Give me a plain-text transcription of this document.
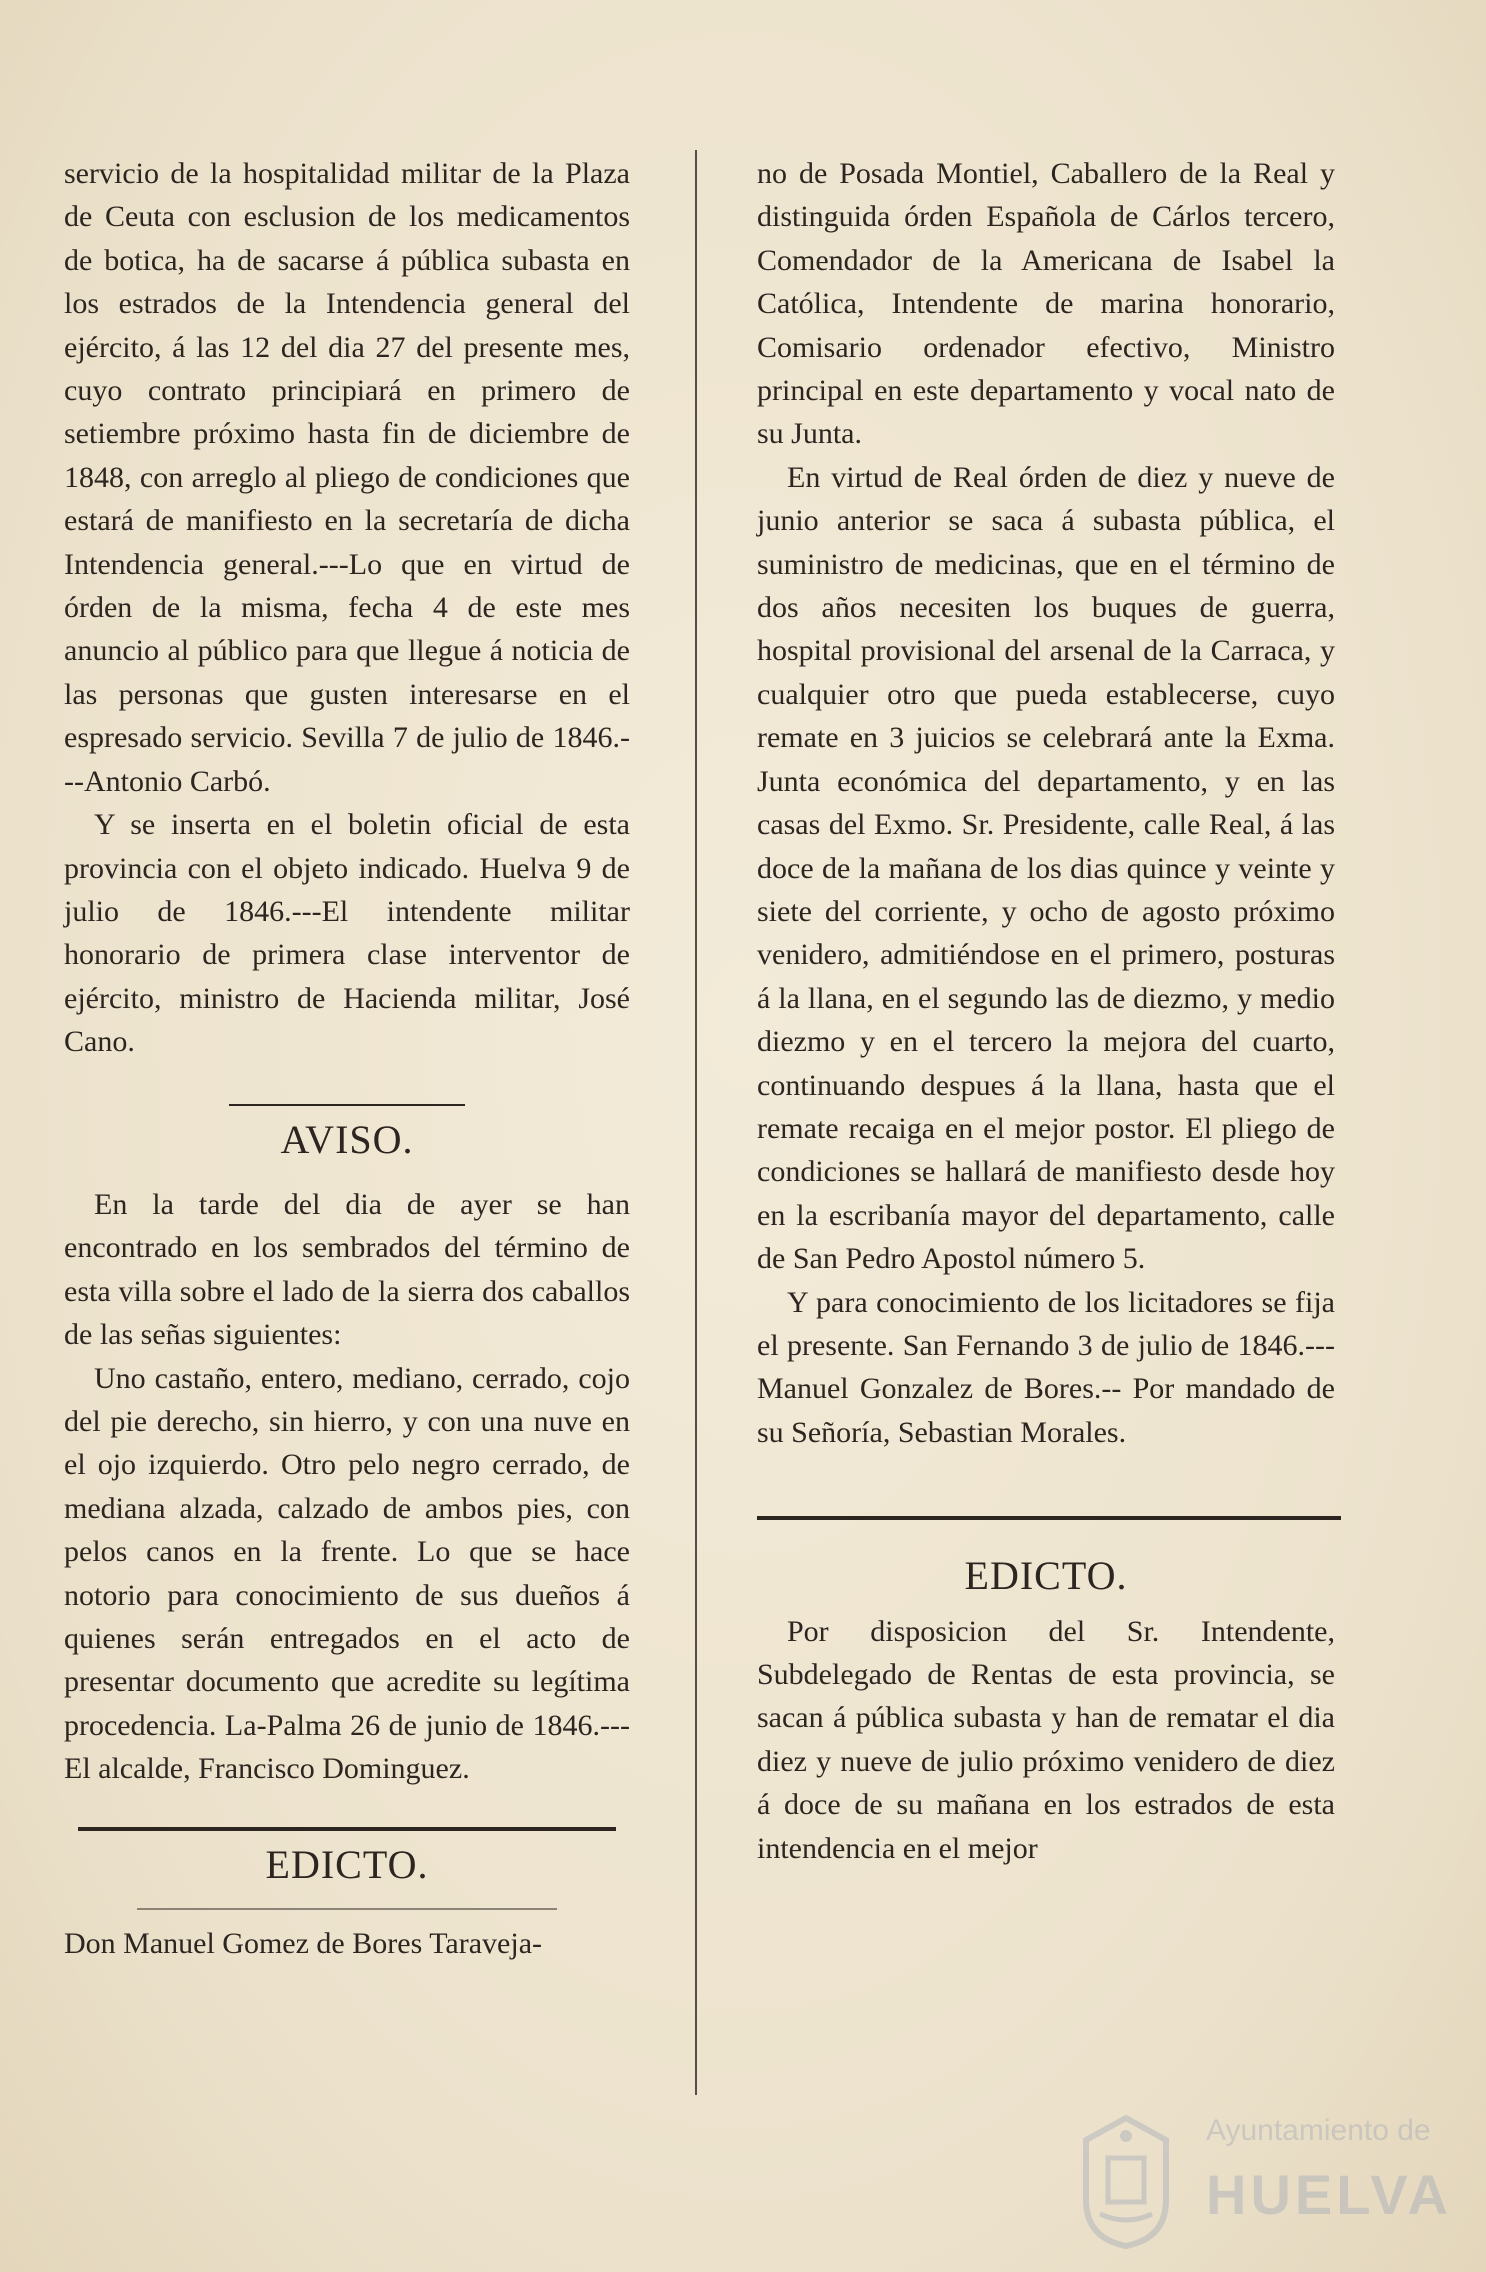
servicio de la hospitalidad militar de la Plaza de Ceuta con esclusion de los medicamentos de botica, ha de sacarse á pública subasta en los estrados de la Intendencia general del ejército, á las 12 del dia 27 del presente mes, cuyo contrato principiará en primero de setiembre próximo hasta fin de diciembre de 1848, con arreglo al pliego de condiciones que estará de manifiesto en la secretaría de dicha Intendencia general.---Lo que en virtud de órden de la misma, fecha 4 de este mes anuncio al público para que llegue á noticia de las personas que gusten interesarse en el espresado servicio. Sevilla 7 de julio de 1846.---Antonio Carbó.

Y se inserta en el boletin oficial de esta provincia con el objeto indicado. Huelva 9 de julio de 1846.---El intendente militar honorario de primera clase interventor de ejército, ministro de Hacienda militar, José Cano.

AVISO.

En la tarde del dia de ayer se han encontrado en los sembrados del término de esta villa sobre el lado de la sierra dos caballos de las señas siguientes:

Uno castaño, entero, mediano, cerrado, cojo del pie derecho, sin hierro, y con una nuve en el ojo izquierdo. Otro pelo negro cerrado, de mediana alzada, calzado de ambos pies, con pelos canos en la frente. Lo que se hace notorio para conocimiento de sus dueños á quienes serán entregados en el acto de presentar documento que acredite su legítima procedencia. La-Palma 26 de junio de 1846.---El alcalde, Francisco Dominguez.

EDICTO.

Don Manuel Gomez de Bores Taraveja-

no de Posada Montiel, Caballero de la Real y distinguida órden Española de Cárlos tercero, Comendador de la Americana de Isabel la Católica, Intendente de marina honorario, Comisario ordenador efectivo, Ministro principal en este departamento y vocal nato de su Junta.

En virtud de Real órden de diez y nueve de junio anterior se saca á subasta pública, el suministro de medicinas, que en el término de dos años necesiten los buques de guerra, hospital provisional del arsenal de la Carraca, y cualquier otro que pueda establecerse, cuyo remate en 3 juicios se celebrará ante la Exma. Junta económica del departamento, y en las casas del Exmo. Sr. Presidente, calle Real, á las doce de la mañana de los dias quince y veinte y siete del corriente, y ocho de agosto próximo venidero, admitiéndose en el primero, posturas á la llana, en el segundo las de diezmo, y medio diezmo y en el tercero la mejora del cuarto, continuando despues á la llana, hasta que el remate recaiga en el mejor postor. El pliego de condiciones se hallará de manifiesto desde hoy en la escribanía mayor del departamento, calle de San Pedro Apostol número 5.

Y para conocimiento de los licitadores se fija el presente. San Fernando 3 de julio de 1846.---Manuel Gonzalez de Bores.-- Por mandado de su Señoría, Sebastian Morales.

EDICTO.

Por disposicion del Sr. Intendente, Subdelegado de Rentas de esta provincia, se sacan á pública subasta y han de rematar el dia diez y nueve de julio próximo venidero de diez á doce de su mañana en los estrados de esta intendencia en el mejor

Ayuntamiento de
HUELVA
